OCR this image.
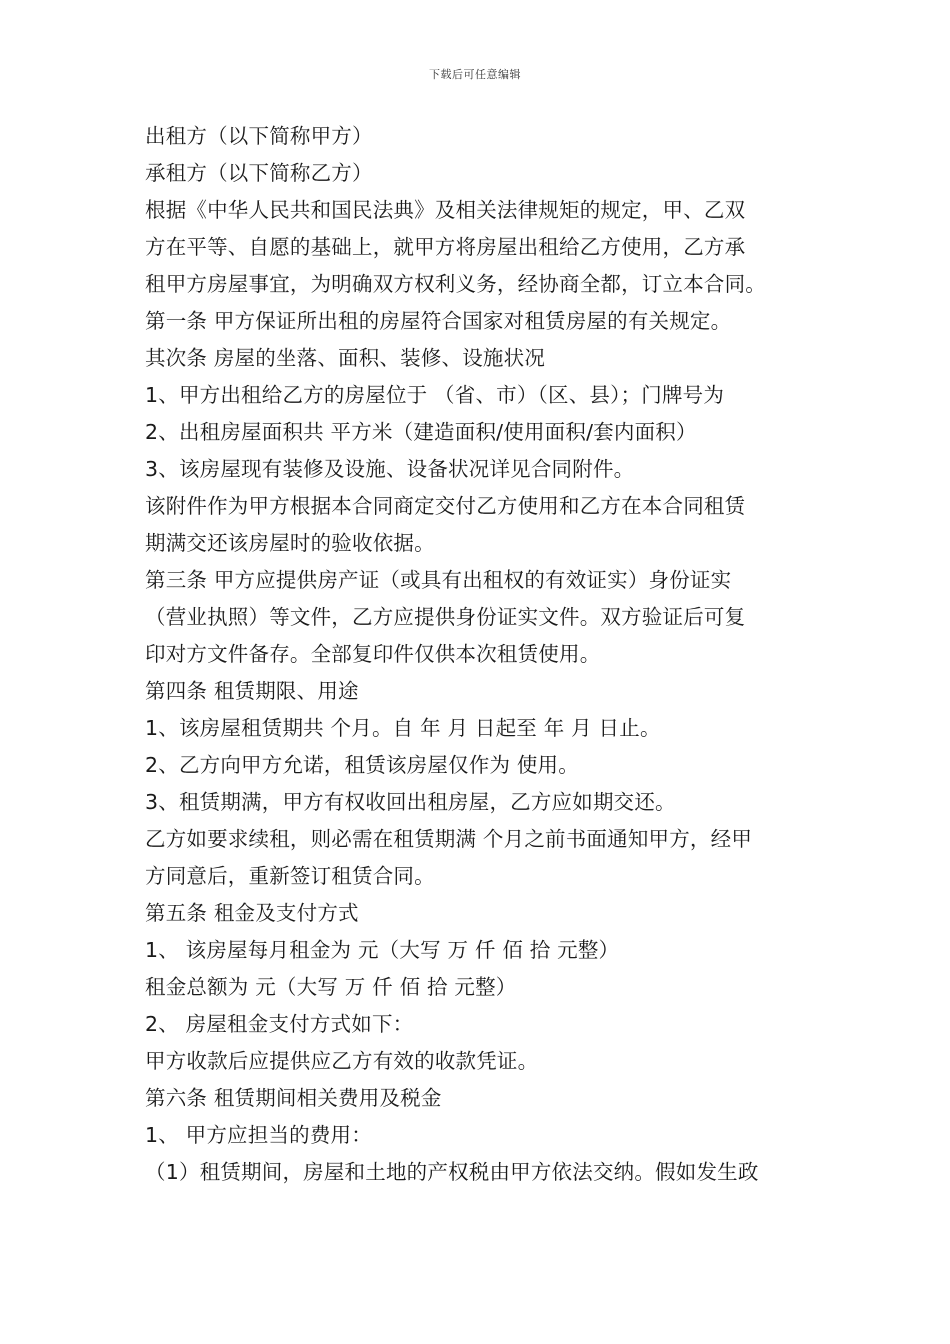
下载后可任意编辑
出租方（以下简称甲方）
承租方（以下简称乙方）
根据《中华人民共和国民法典》及相关法律规矩的规定，甲、乙双
方在平等、自愿的基础上，就甲方将房屋出租给乙方使用，乙方承
租甲方房屋事宜，为明确双方权利义务，经协商全都，订立本合同。
第一条 甲方保证所出租的房屋符合国家对租赁房屋的有关规定。
其次条 房屋的坐落、面积、装修、设施状况
1、甲方出租给乙方的房屋位于 （省、市）（区、县）；门牌号为
2、出租房屋面积共 平方米（建造面积/使用面积/套内面积）
3、该房屋现有装修及设施、设备状况详见合同附件。
该附件作为甲方根据本合同商定交付乙方使用和乙方在本合同租赁
期满交还该房屋时的验收依据。
第三条 甲方应提供房产证（或具有出租权的有效证实）身份证实
（营业执照）等文件，乙方应提供身份证实文件。双方验证后可复
印对方文件备存。全部复印件仅供本次租赁使用。
第四条 租赁期限、用途
1、该房屋租赁期共 个月。自 年 月 日起至 年 月 日止。
2、乙方向甲方允诺，租赁该房屋仅作为 使用。
3、租赁期满，甲方有权收回出租房屋，乙方应如期交还。
乙方如要求续租，则必需在租赁期满 个月之前书面通知甲方，经甲
方同意后，重新签订租赁合同。
第五条 租金及支付方式
1、 该房屋每月租金为 元（大写 万 仟 佰 拾 元整）
租金总额为 元（大写 万 仟 佰 拾 元整）
2、 房屋租金支付方式如下：
甲方收款后应提供应乙方有效的收款凭证。
第六条 租赁期间相关费用及税金
1、 甲方应担当的费用：
（1）租赁期间，房屋和土地的产权税由甲方依法交纳。假如发生政
